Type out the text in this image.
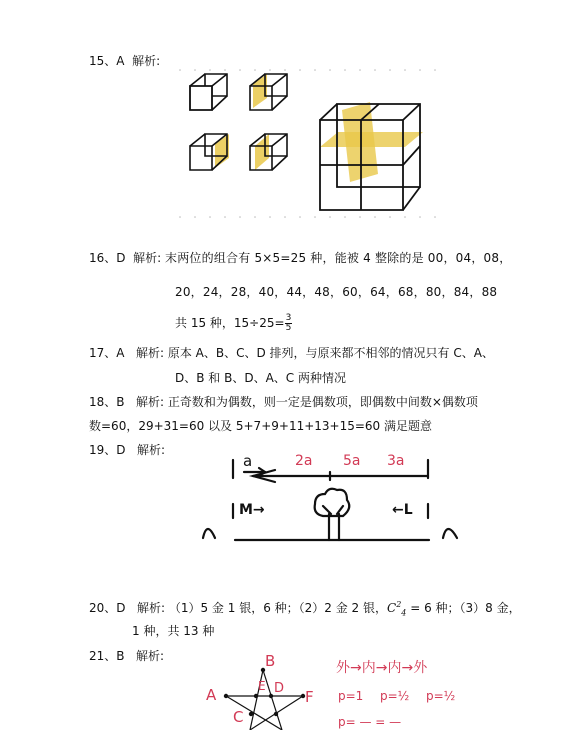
15、A 解析:
16、D 解析: 末两位的组合有 5×5=25 种，能被 4 整除的是 00，04，08，
20，24，28，40，44，48，60，64，68，80，84，88
共 15 种，$15\div 25= \frac{3}{5}$
17、A 解析: 原本 A、B、C、D 排列，与原来都不相邻的情况只有 C、A、
D、B 和 B、D、A、C 两种情况
18、B 解析: 正奇数和为偶数，则一定是偶数项，即偶数中间数×偶数项
数=60，29+31=60 以及 5+7+9+11+13+15=60 满足题意
19、D 解析:
a	2a 5a 3a
M→	←L
20、D 解析: （1）5 金 1 银，6 种；（2）2 金 2 银，$C^2_4 = 6$ 种；（3）8 金，
1 种，共 13 种
21、B 解析:	B
A	F
D
C
E
外→内→内→外
p=1 p=½ p=½
p= — = —
